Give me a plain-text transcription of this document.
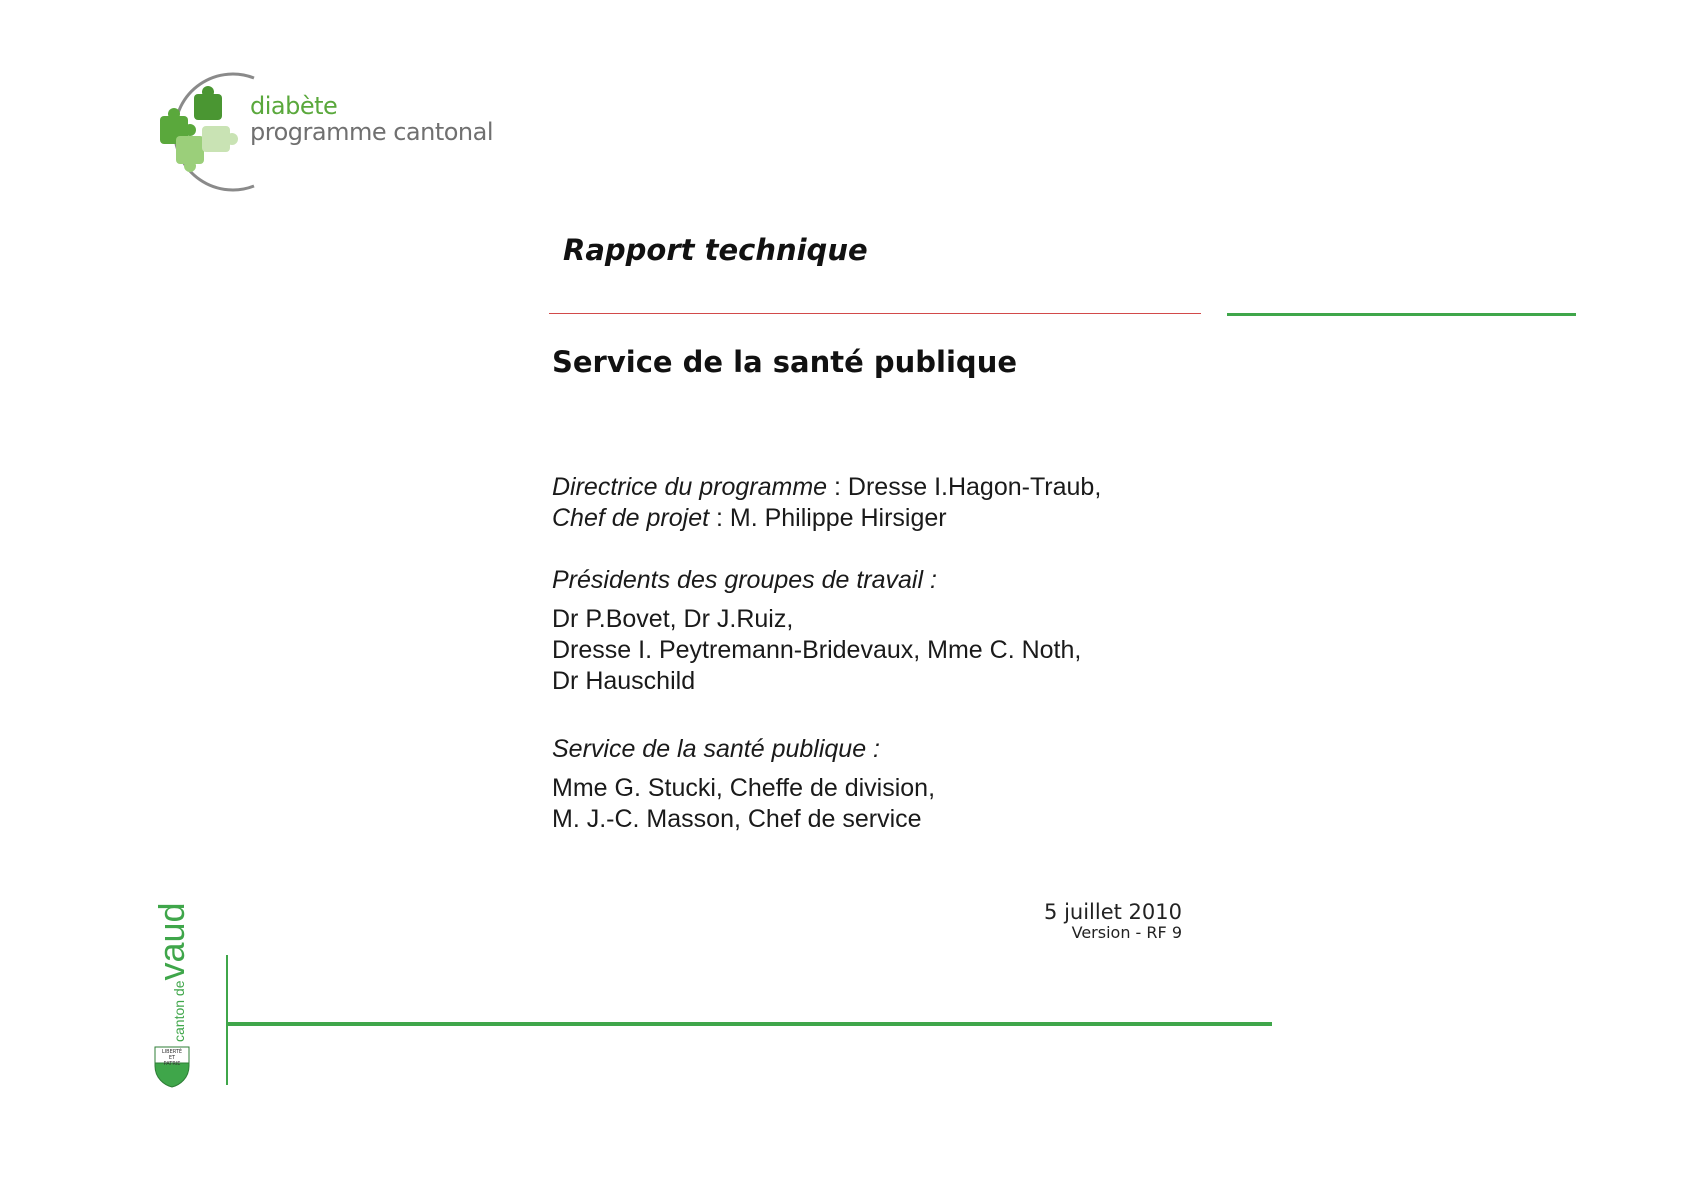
diabète
programme cantonal
Rapport technique
Service de la santé publique
Directrice du programme : Dresse I.Hagon-Traub,
Chef de projet : M. Philippe Hirsiger
Présidents des groupes de travail :
Dr P.Bovet, Dr J.Ruiz,
Dresse I. Peytremann-Bridevaux, Mme C. Noth,
Dr Hauschild
Service de la santé publique :
Mme G. Stucki, Cheffe de division,
M. J.-C. Masson, Chef de service
5 juillet 2010
Version - RF 9
canton devaud
LIBERTÉ
ET
PATRIE
